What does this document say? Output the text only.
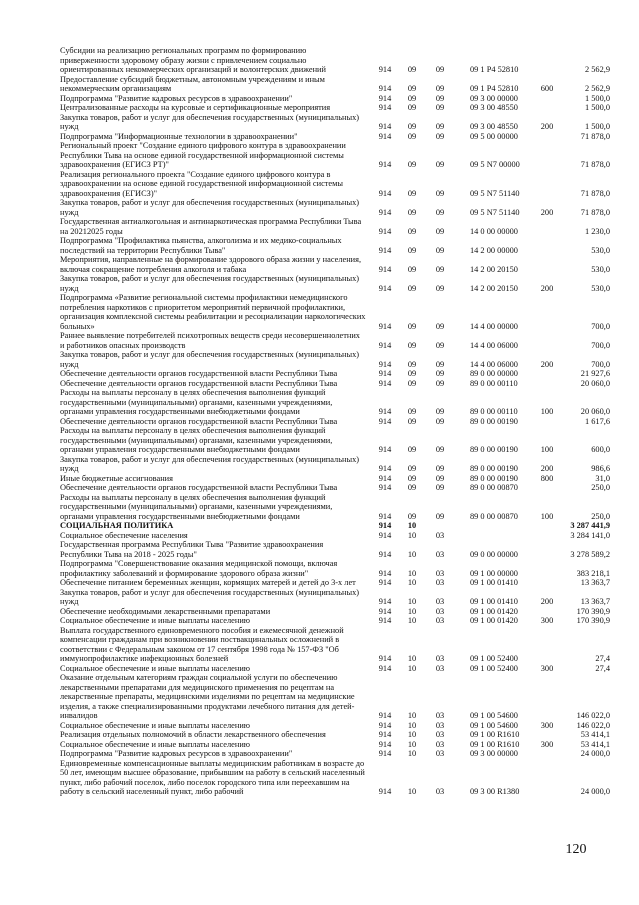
Субсидии на реализацию региональных программ по формированию приверженности здоровому образу жизни с привлечением социально ориентированных некоммерческих организаций и волонтерских движений	914	09	09	09 1 P4 52810	2 562,9
Предоставление субсидий бюджетным, автономным учреждениям и иным некоммерческим организациям	914	09	09	09 1 P4 52810	600	2 562,9
Подпрограмма "Развитие кадровых ресурсов в здравоохранении"	914	09	09	09 3 00 00000	1 500,0
Централизованные расходы на курсовые и сертификационные мероприятия	914	09	09	09 3 00 48550	1 500,0
Закупка товаров, работ и услуг для обеспечения государственных (муниципальных) нужд	914	09	09	09 3 00 48550	200	1 500,0
Подпрограмма "Информационные технологии в здравоохранении"	914	09	09	09 5 00 00000	71 878,0
Региональный проект "Создание единого цифрового контура в здравоохранении Республики Тыва на основе единой государственной информационной системы здравоохранения (ЕГИСЗ РТ)"	914	09	09	09 5 N7 00000	71 878,0
Реализация регионального проекта "Создание единого цифрового контура в здравоохранении на основе единой государственной информационной системы здравоохранения (ЕГИСЗ)"	914	09	09	09 5 N7 51140	71 878,0
Закупка товаров, работ и услуг для обеспечения государственных (муниципальных) нужд	914	09	09	09 5 N7 51140	200	71 878,0
Государственная антиалкогольная и антинаркотическая программа Республики Тыва на 20212025 годы	914	09	09	14 0 00 00000	1 230,0
Подпрограмма "Профилактика пьянства, алкоголизма и их медико-социальных последствий на территории Республики Тыва"	914	09	09	14 2 00 00000	530,0
Мероприятия, направленные на формирование здорового образа жизни у населения, включая сокращение потребления алкоголя и табака	914	09	09	14 2 00 20150	530,0
Закупка товаров, работ и услуг для обеспечения государственных (муниципальных) нужд	914	09	09	14 2 00 20150	200	530,0
Подпрограмма «Развитие региональной системы профилактики немедицинского потребления наркотиков с приоритетом мероприятий первичной профилактики, организация комплексной системы реабилитации и ресоциализации наркологических больных»	914	09	09	14 4 00 00000	700,0
Раннее выявление потребителей психотропных веществ среди несовершеннолетних и работников опасных производств	914	09	09	14 4 00 06000	700,0
Закупка товаров, работ и услуг для обеспечения государственных (муниципальных) нужд	914	09	09	14 4 00 06000	200	700,0
Обеспечение деятельности органов государственной власти Республики Тыва	914	09	09	89 0 00 00000	21 927,6
Обеспечение деятельности органов государственной власти Республики Тыва	914	09	09	89 0 00 00110	20 060,0
Расходы на выплаты персоналу в целях обеспечения выполнения функций государственными (муниципальными) органами, казенными учреждениями, органами управления государственными внебюджетными фондами	914	09	09	89 0 00 00110	100	20 060,0
Обеспечение деятельности органов государственной власти Республики Тыва	914	09	09	89 0 00 00190	1 617,6
Расходы на выплаты персоналу в целях обеспечения выполнения функций государственными (муниципальными) органами, казенными учреждениями, органами управления государственными внебюджетными фондами	914	09	09	89 0 00 00190	100	600,0
Закупка товаров, работ и услуг для обеспечения государственных (муниципальных) нужд	914	09	09	89 0 00 00190	200	986,6
Иные бюджетные ассигнования	914	09	09	89 0 00 00190	800	31,0
Обеспечение деятельности органов государственной власти Республики Тыва	914	09	09	89 0 00 00870	250,0
Расходы на выплаты персоналу в целях обеспечения выполнения функций государственными (муниципальными) органами, казенными учреждениями, органами управления государственными внебюджетными фондами	914	09	09	89 0 00 00870	100	250,0
СОЦИАЛЬНАЯ ПОЛИТИКА	914	10	3 287 441,9
Социальное обеспечение населения	914	10	03	3 284 141,0
Государственная программа Республики Тыва "Развитие здравоохранения Республики Тыва на 2018 - 2025 годы"	914	10	03	09 0 00 00000	3 278 589,2
Подпрограмма "Совершенствование оказания медицинской помощи, включая профилактику заболеваний и формирование здорового образа жизни"	914	10	03	09 1 00 00000	383 218,1
Обеспечение питанием беременных женщин, кормящих матерей и детей до 3-х лет	914	10	03	09 1 00 01410	13 363,7
Закупка товаров, работ и услуг для обеспечения государственных (муниципальных) нужд	914	10	03	09 1 00 01410	200	13 363,7
Обеспечение необходимыми лекарственными препаратами	914	10	03	09 1 00 01420	170 390,9
Социальное обеспечение и иные выплаты населению	914	10	03	09 1 00 01420	300	170 390,9
Выплата государственного единовременного пособия и ежемесячной денежной компенсации гражданам при возникновении поствакцинальных осложнений в соответствии с Федеральным законом от 17 сентября 1998 года № 157-ФЗ "Об иммунопрофилактике инфекционных болезней	914	10	03	09 1 00 52400	27,4
Социальное обеспечение и иные выплаты населению	914	10	03	09 1 00 52400	300	27,4
Оказание отдельным категориям граждан социальной услуги по обеспечению лекарственными препаратами для медицинского применения по рецептам на лекарственные препараты, медицинскими изделиями по рецептам на медицинские изделия, а также специализированными продуктами лечебного питания для детей-инвалидов	914	10	03	09 1 00 54600	146 022,0
Социальное обеспечение и иные выплаты населению	914	10	03	09 1 00 54600	300	146 022,0
Реализация отдельных полномочий в области лекарственного обеспечения	914	10	03	09 1 00 R1610	53 414,1
Социальное обеспечение и иные выплаты населению	914	10	03	09 1 00 R1610	300	53 414,1
Подпрограмма "Развитие кадровых ресурсов в здравоохранении"	914	10	03	09 3 00 00000	24 000,0
Единовременные компенсационные выплаты медицинским работникам в возрасте до 50 лет, имеющим высшее образование, прибывшим на работу в сельский населенный пункт, либо рабочий поселок, либо поселок городского типа или переехавшим на работу в сельский населенный пункт, либо рабочий	914	10	03	09 3 00 R1380	24 000,0
120
